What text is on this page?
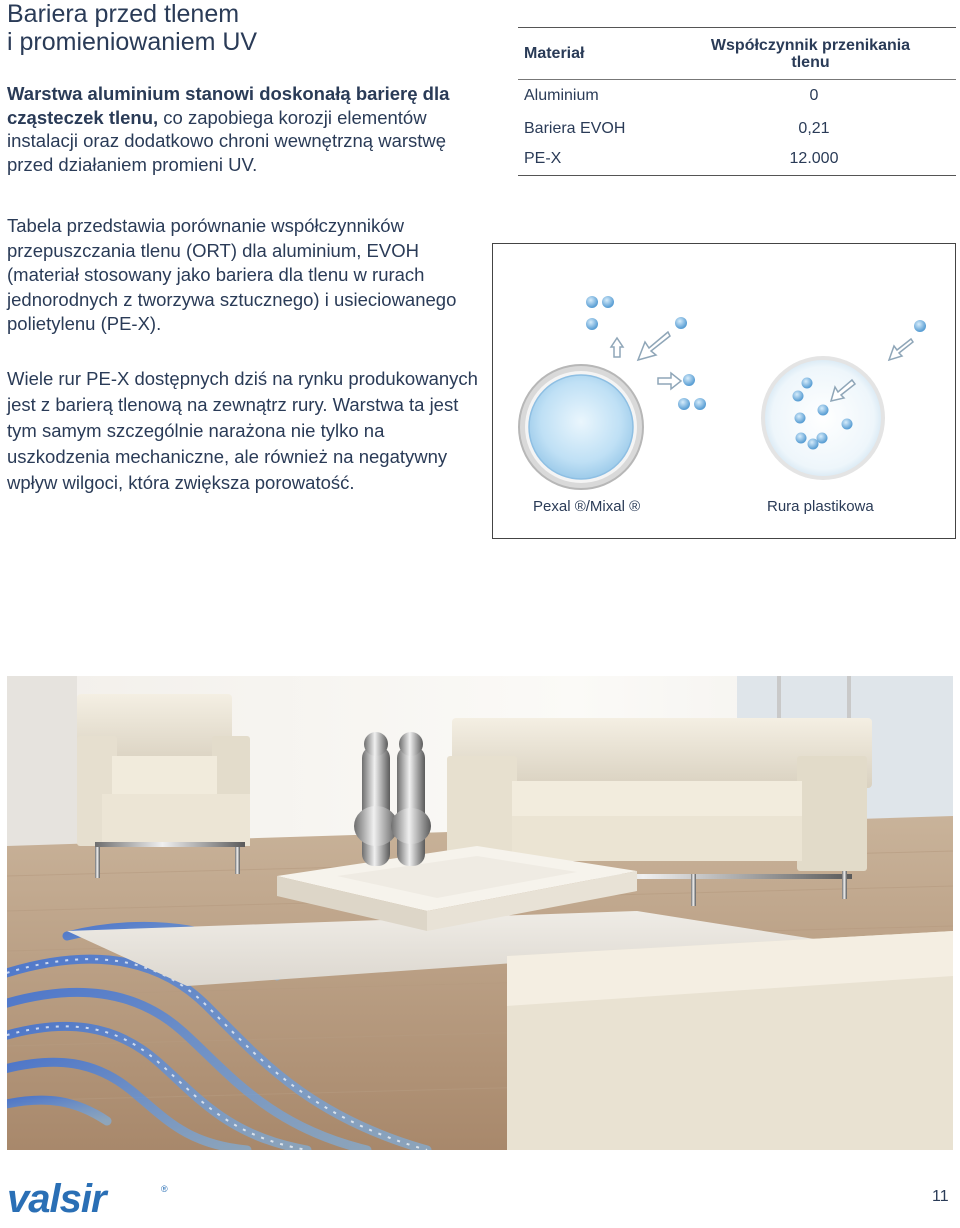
Bariera przed tlenem
i promieniowaniem UV

Warstwa aluminium stanowi doskonałą barierę dla cząsteczek tlenu, co zapobiega korozji elementów instalacji oraz dodatkowo chroni wewnętrzną warstwę przed działaniem promieni UV.

Tabela przedstawia porównanie współczynników przepuszczania tlenu (ORT) dla aluminium, EVOH (materiał stosowany jako bariera dla tlenu w rurach jednorodnych z tworzywa sztucznego) i usieciowanego polietylenu (PE-X).

Wiele rur PE-X dostępnych dziś na rynku produkowanych jest z barierą tlenową na zewnątrz rury. Warstwa ta jest tym samym szczególnie narażona nie tylko na uszkodzenia mechaniczne, ale również na negatywny wpływ wilgoci, która zwiększa porowatość.

Materiał	Współczynnik przenikania tlenu
Aluminium	0
Bariera EVOH	0,21
PE-X	12.000
Pexal ®/Mixal ®	Rura plastikowa
valsir	®	11
